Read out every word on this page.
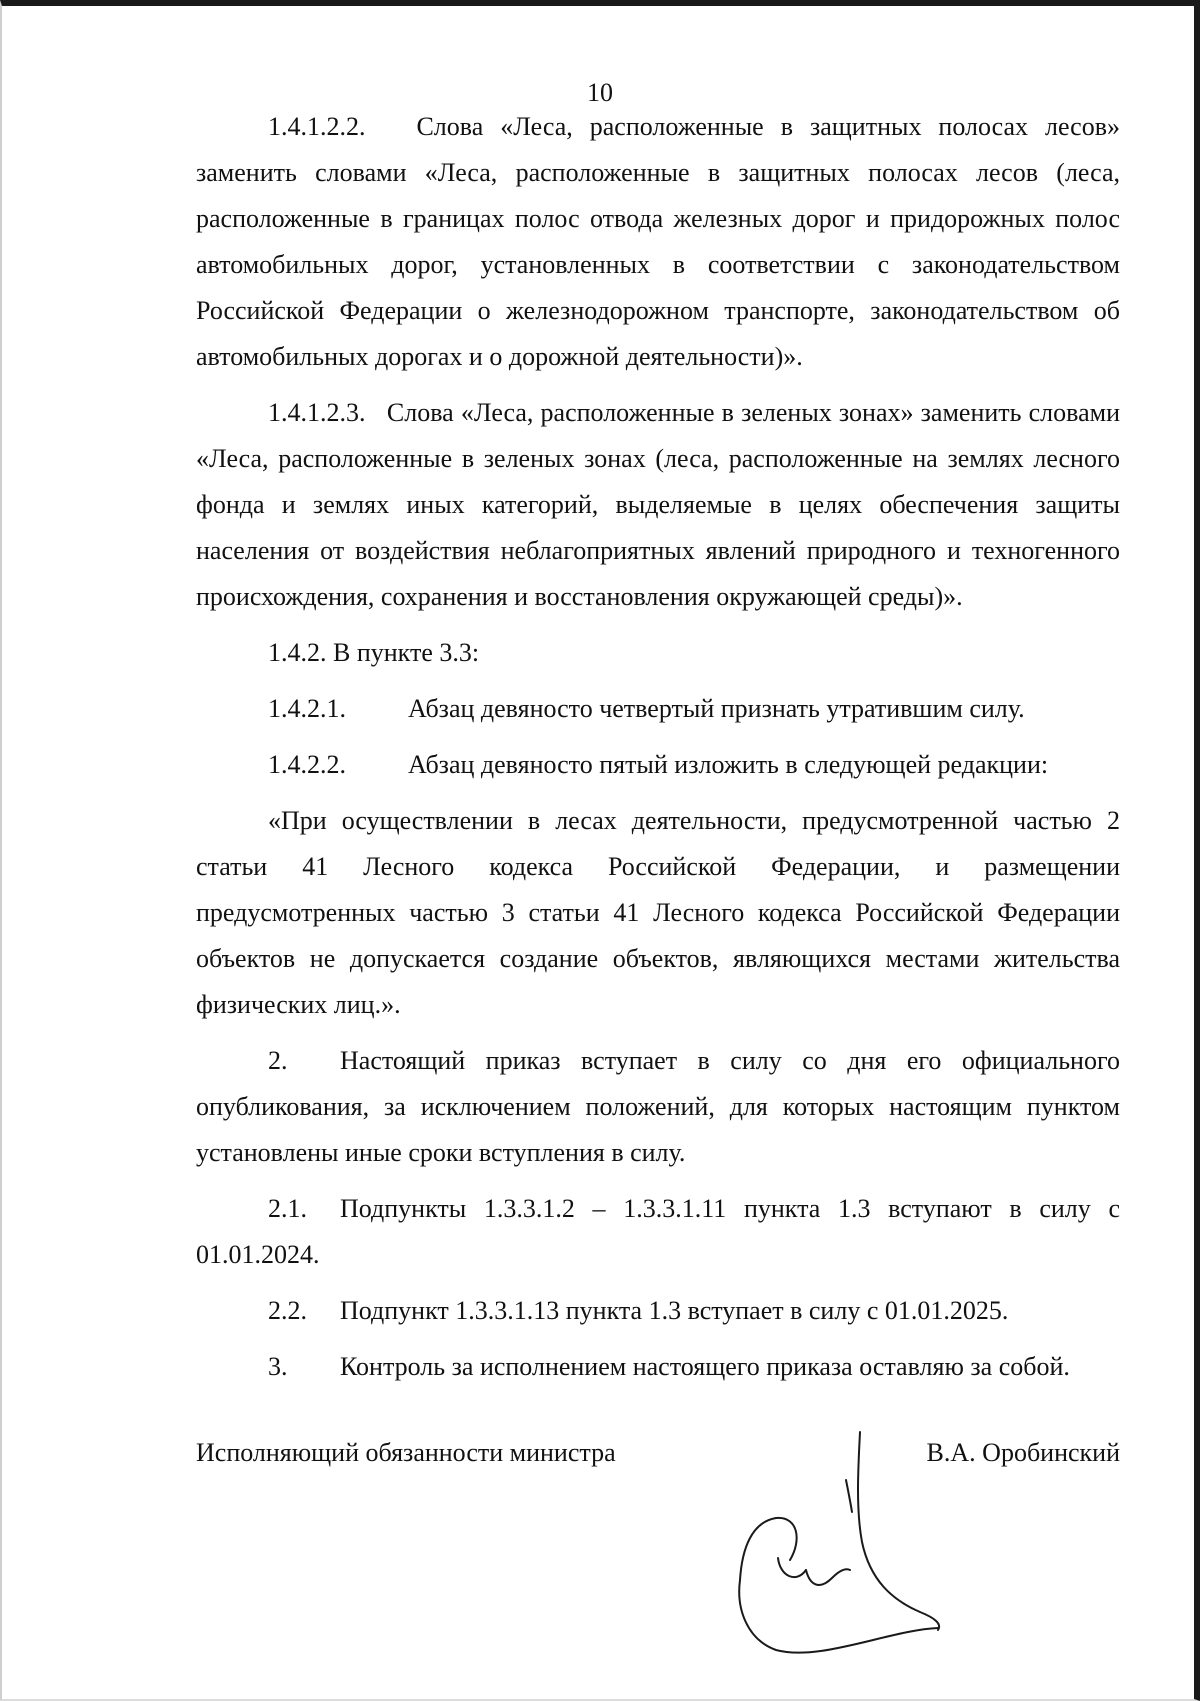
10

1.4.1.2.2.   Слова «Леса, расположенные в защитных полосах лесов» заменить словами «Леса, расположенные в защитных полосах лесов (леса, расположенные в границах полос отвода железных дорог и придорожных полос автомобильных дорог, установленных в соответствии с законодательством Российской Федерации о железнодорожном транспорте, законодательством об автомобильных дорогах и о дорожной деятельности)».

1.4.1.2.3.   Слова «Леса, расположенные в зеленых зонах» заменить словами «Леса, расположенные в зеленых зонах (леса, расположенные на землях лесного фонда и землях иных категорий, выделяемые в целях обеспечения защиты населения от воздействия неблагоприятных явлений природного и техногенного происхождения, сохранения и восстановления окружающей среды)».

1.4.2. В пункте 3.3:

1.4.2.1. Абзац девяносто четвертый признать утратившим силу.
1.4.2.2. Абзац девяносто пятый изложить в следующей редакции:

«При осуществлении в лесах деятельности, предусмотренной частью 2 статьи 41 Лесного кодекса Российской Федерации, и размещении предусмотренных частью 3 статьи 41 Лесного кодекса Российской Федерации объектов не допускается создание объектов, являющихся местами жительства физических лиц.».

2. Настоящий приказ вступает в силу со дня его официального опубликования, за исключением положений, для которых настоящим пунктом установлены иные сроки вступления в силу.

2.1. Подпункты 1.3.3.1.2 – 1.3.3.1.11 пункта 1.3 вступают в силу с 01.01.2024.

2.2. Подпункт 1.3.3.1.13 пункта 1.3 вступает в силу с 01.01.2025.

3. Контроль за исполнением настоящего приказа оставляю за собой.

Исполняющий обязанности министра	В.А. Оробинский
